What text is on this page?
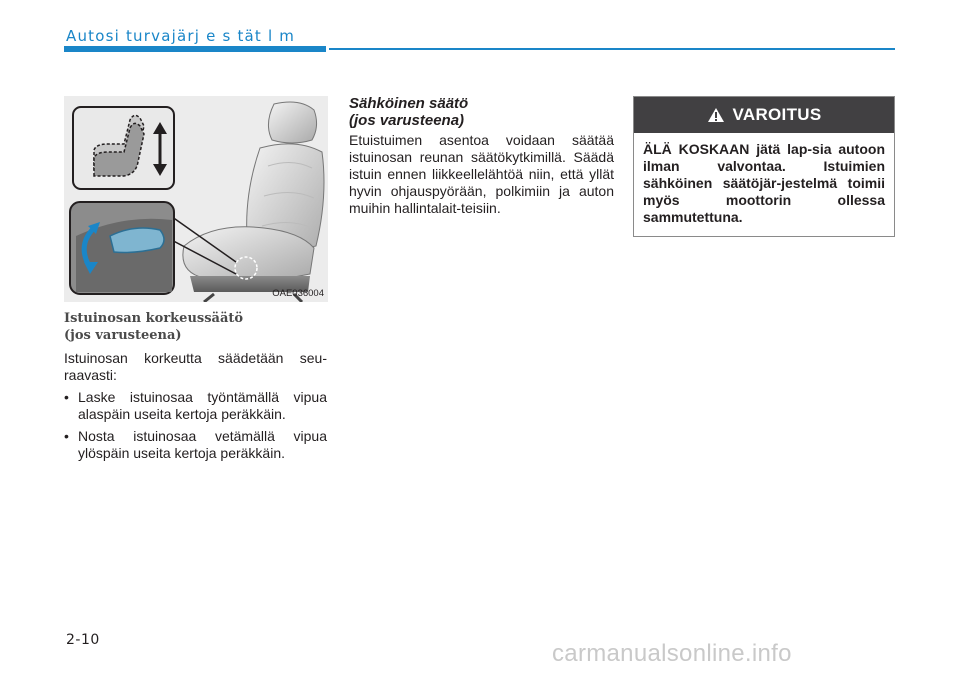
Autosi turvajärj e s tät l m
OAE036004
Istuinosan korkeussäätö
(jos varusteena)

Istuinosan korkeutta säädetään seu-raavasti:

• Laske istuinosaa työntämällä vipua alaspäin useita kertoja peräkkäin.
• Nosta istuinosaa vetämällä vipua ylöspäin useita kertoja peräkkäin.
Sähköinen säätö
(jos varusteena)

Etuistuimen asentoa voidaan säätää istuinosan reunan säätökytkimillä. Säädä istuin ennen liikkeellelähtöä niin, että yllät hyvin ohjauspyörään, polkimiin ja auton muihin hallintalait-teisiin.

VAROITUS

ÄLÄ KOSKAAN jätä lap-sia autoon ilman valvontaa. Istuimien sähköinen säätöjär-jestelmä toimii myös moottorin ollessa sammutettuna.

2-10	carmanualsonline.info
